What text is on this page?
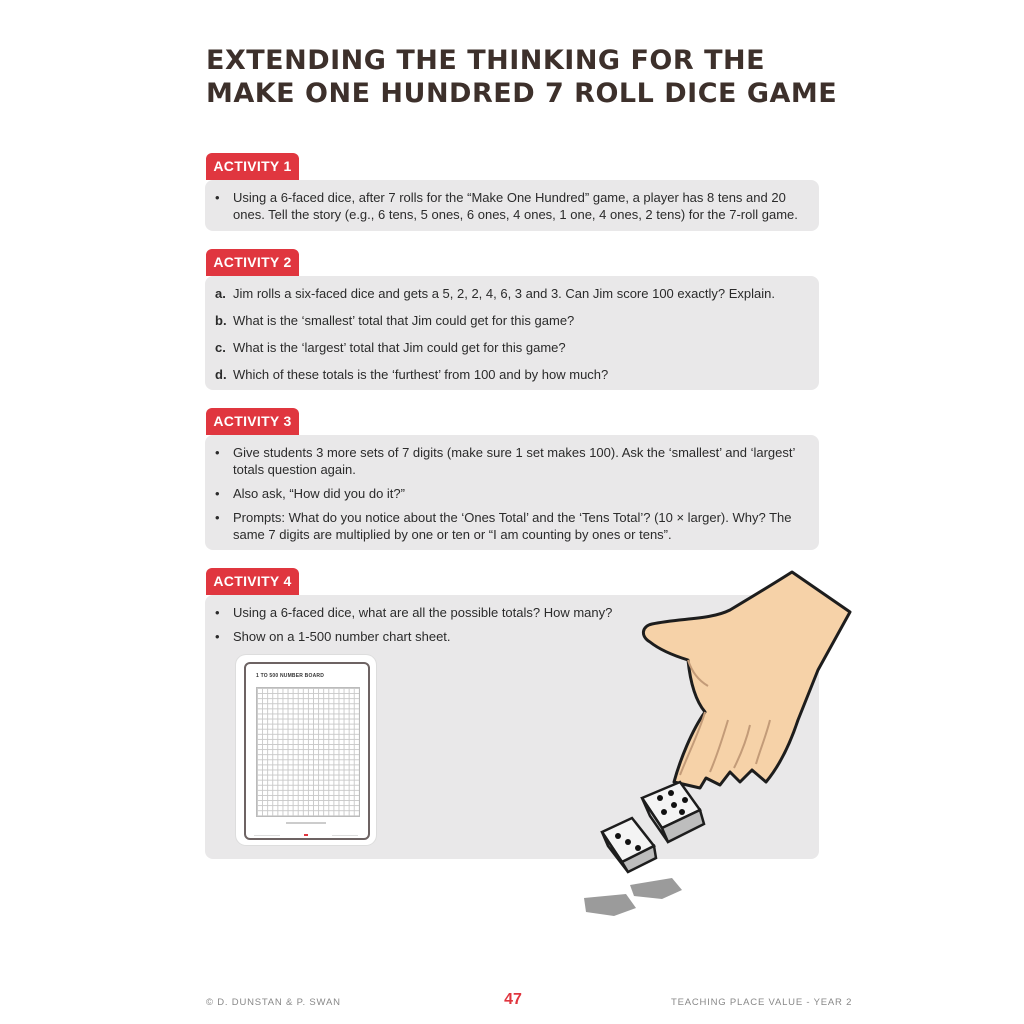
EXTENDING THE THINKING FOR THE
MAKE ONE HUNDRED 7 ROLL DICE GAME
ACTIVITY 1
•	Using a 6-faced dice, after 7 rolls for the “Make One Hundred” game, a player has 8 tens and 20 ones. Tell the story (e.g., 6 tens, 5 ones, 6 ones, 4 ones, 1 one, 4 ones, 2 tens) for the 7-roll game.
ACTIVITY 2
a. Jim rolls a six-faced dice and gets a 5, 2, 2, 4, 6, 3 and 3. Can Jim score 100 exactly? Explain.
b. What is the ‘smallest’ total that Jim could get for this game?
c. What is the ‘largest’ total that Jim could get for this game?
d. Which of these totals is the ‘furthest’ from 100 and by how much?
ACTIVITY 3
•	Give students 3 more sets of 7 digits (make sure 1 set makes 100). Ask the ‘smallest’ and ‘largest’ totals question again.
•	Also ask, “How did you do it?”
•	Prompts: What do you notice about the ‘Ones Total’ and the ‘Tens Total’? (10 × larger). Why? The same 7 digits are multiplied by one or ten or “I am counting by ones or tens”.
ACTIVITY 4
•	Using a 6-faced dice, what are all the possible totals? How many?
•	Show on a 1-500 number chart sheet.
1 TO 500 NUMBER BOARD
© D. DUNSTAN & P. SWAN	47	TEACHING PLACE VALUE - YEAR 2
